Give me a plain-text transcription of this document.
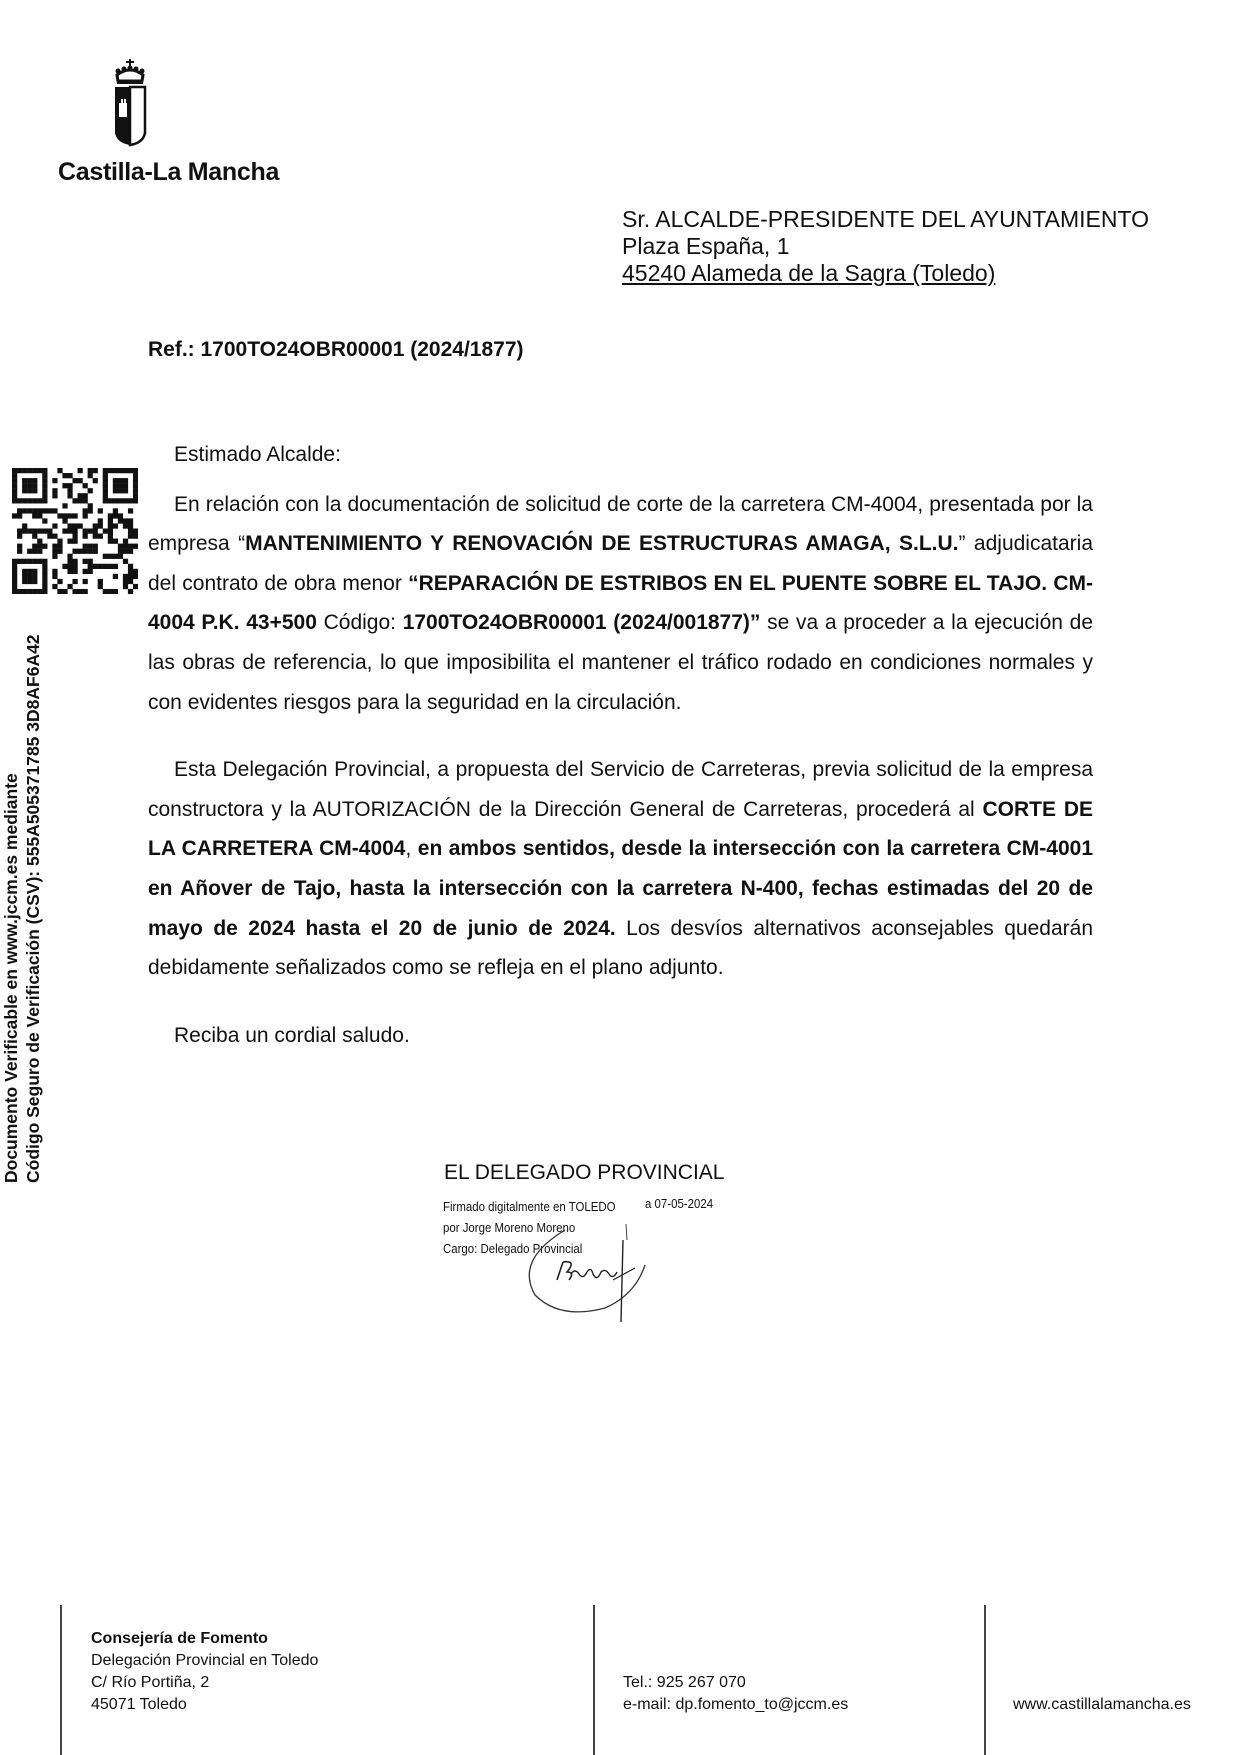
Castilla-La Mancha
Sr. ALCALDE-PRESIDENTE DEL AYUNTAMIENTO
Plaza España, 1
45240 Alameda de la Sagra (Toledo)
Ref.: 1700TO24OBR00001 (2024/1877)
Documento Verificable en www.jccm.es mediante Código Seguro de Verificación (CSV): 555A505371785 3D8AF6A42

Estimado Alcalde:

En relación con la documentación de solicitud de corte de la carretera CM-4004, presentada por la empresa “MANTENIMIENTO Y RENOVACIÓN DE ESTRUCTURAS AMAGA, S.L.U.” adjudicataria del contrato de obra menor “REPARACIÓN DE ESTRIBOS EN EL PUENTE SOBRE EL TAJO. CM-4004 P.K. 43+500 Código: 1700TO24OBR00001 (2024/001877)” se va a proceder a la ejecución de las obras de referencia, lo que imposibilita el mantener el tráfico rodado en condiciones normales y con evidentes riesgos para la seguridad en la circulación.

Esta Delegación Provincial, a propuesta del Servicio de Carreteras, previa solicitud de la empresa constructora y la AUTORIZACIÓN de la Dirección General de Carreteras, procederá al CORTE DE LA CARRETERA CM-4004, en ambos sentidos, desde la intersección con la carretera CM-4001 en Añover de Tajo, hasta la intersección con la carretera N-400, fechas estimadas del 20 de mayo de 2024 hasta el 20 de junio de 2024. Los desvíos alternativos aconsejables quedarán debidamente señalizados como se refleja en el plano adjunto.

Reciba un cordial saludo.

EL DELEGADO PROVINCIAL
Firmado digitalmente en TOLEDO
por Jorge Moreno Moreno
Cargo: Delegado Provincial
a 07-05-2024
Consejería de Fomento
Delegación Provincial en Toledo
C/ Río Portiña, 2
45071 Toledo
Tel.: 925 267 070
e-mail: dp.fomento_to@jccm.es	www.castillalamancha.es
